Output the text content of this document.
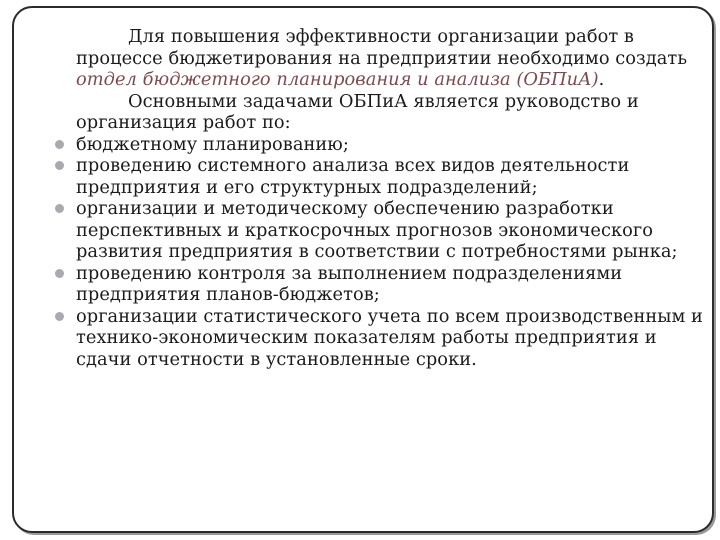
Для повышения эффективности организации работ в процессе бюджетирования на предприятии необходимо создать отдел бюджетного планирования и анализа (ОБПиА).

Основными задачами ОБПиА является руководство и организация работ по:

бюджетному планированию;
проведению системного анализа всех видов деятельности предприятия и его структурных подразделений;
организации и методическому обеспечению разработки перспективных и краткосрочных прогнозов экономического развития предприятия в соответствии с потребностями рынка;
проведению контроля за выполнением подразделениями предприятия планов-бюджетов;
организации статистического учета по всем производственным и технико-экономическим показателям работы предприятия и сдачи отчетности в установленные сроки.
